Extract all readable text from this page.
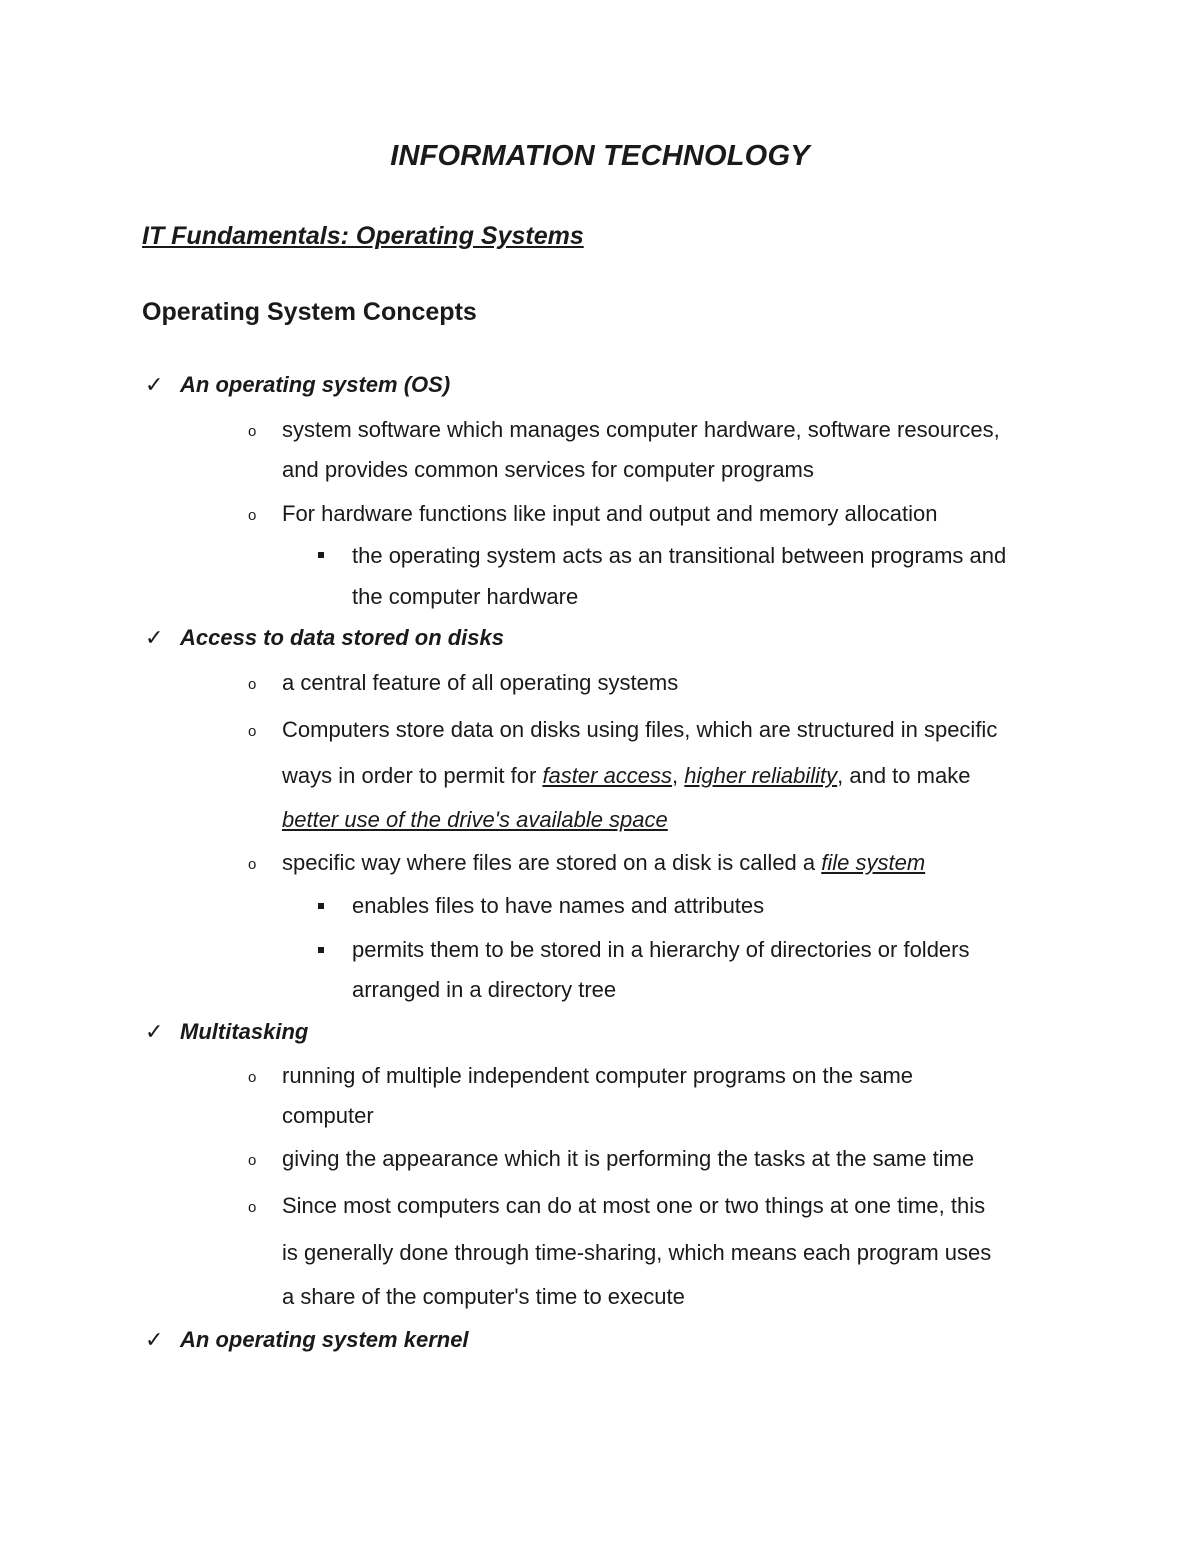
INFORMATION TECHNOLOGY
IT Fundamentals: Operating Systems
Operating System Concepts
✓ An operating system (OS)
o system software which manages computer hardware, software resources,
and provides common services for computer programs
o For hardware functions like input and output and memory allocation
the operating system acts as an transitional between programs and
the computer hardware
✓ Access to data stored on disks
o a central feature of all operating systems
o Computers store data on disks using files, which are structured in specific
ways in order to permit for faster access, higher reliability, and to make
better use of the drive's available space
o specific way where files are stored on a disk is called a file system
enables files to have names and attributes
permits them to be stored in a hierarchy of directories or folders
arranged in a directory tree
✓ Multitasking
o running of multiple independent computer programs on the same
computer
o giving the appearance which it is performing the tasks at the same time
o Since most computers can do at most one or two things at one time, this
is generally done through time-sharing, which means each program uses
a share of the computer's time to execute
✓ An operating system kernel
